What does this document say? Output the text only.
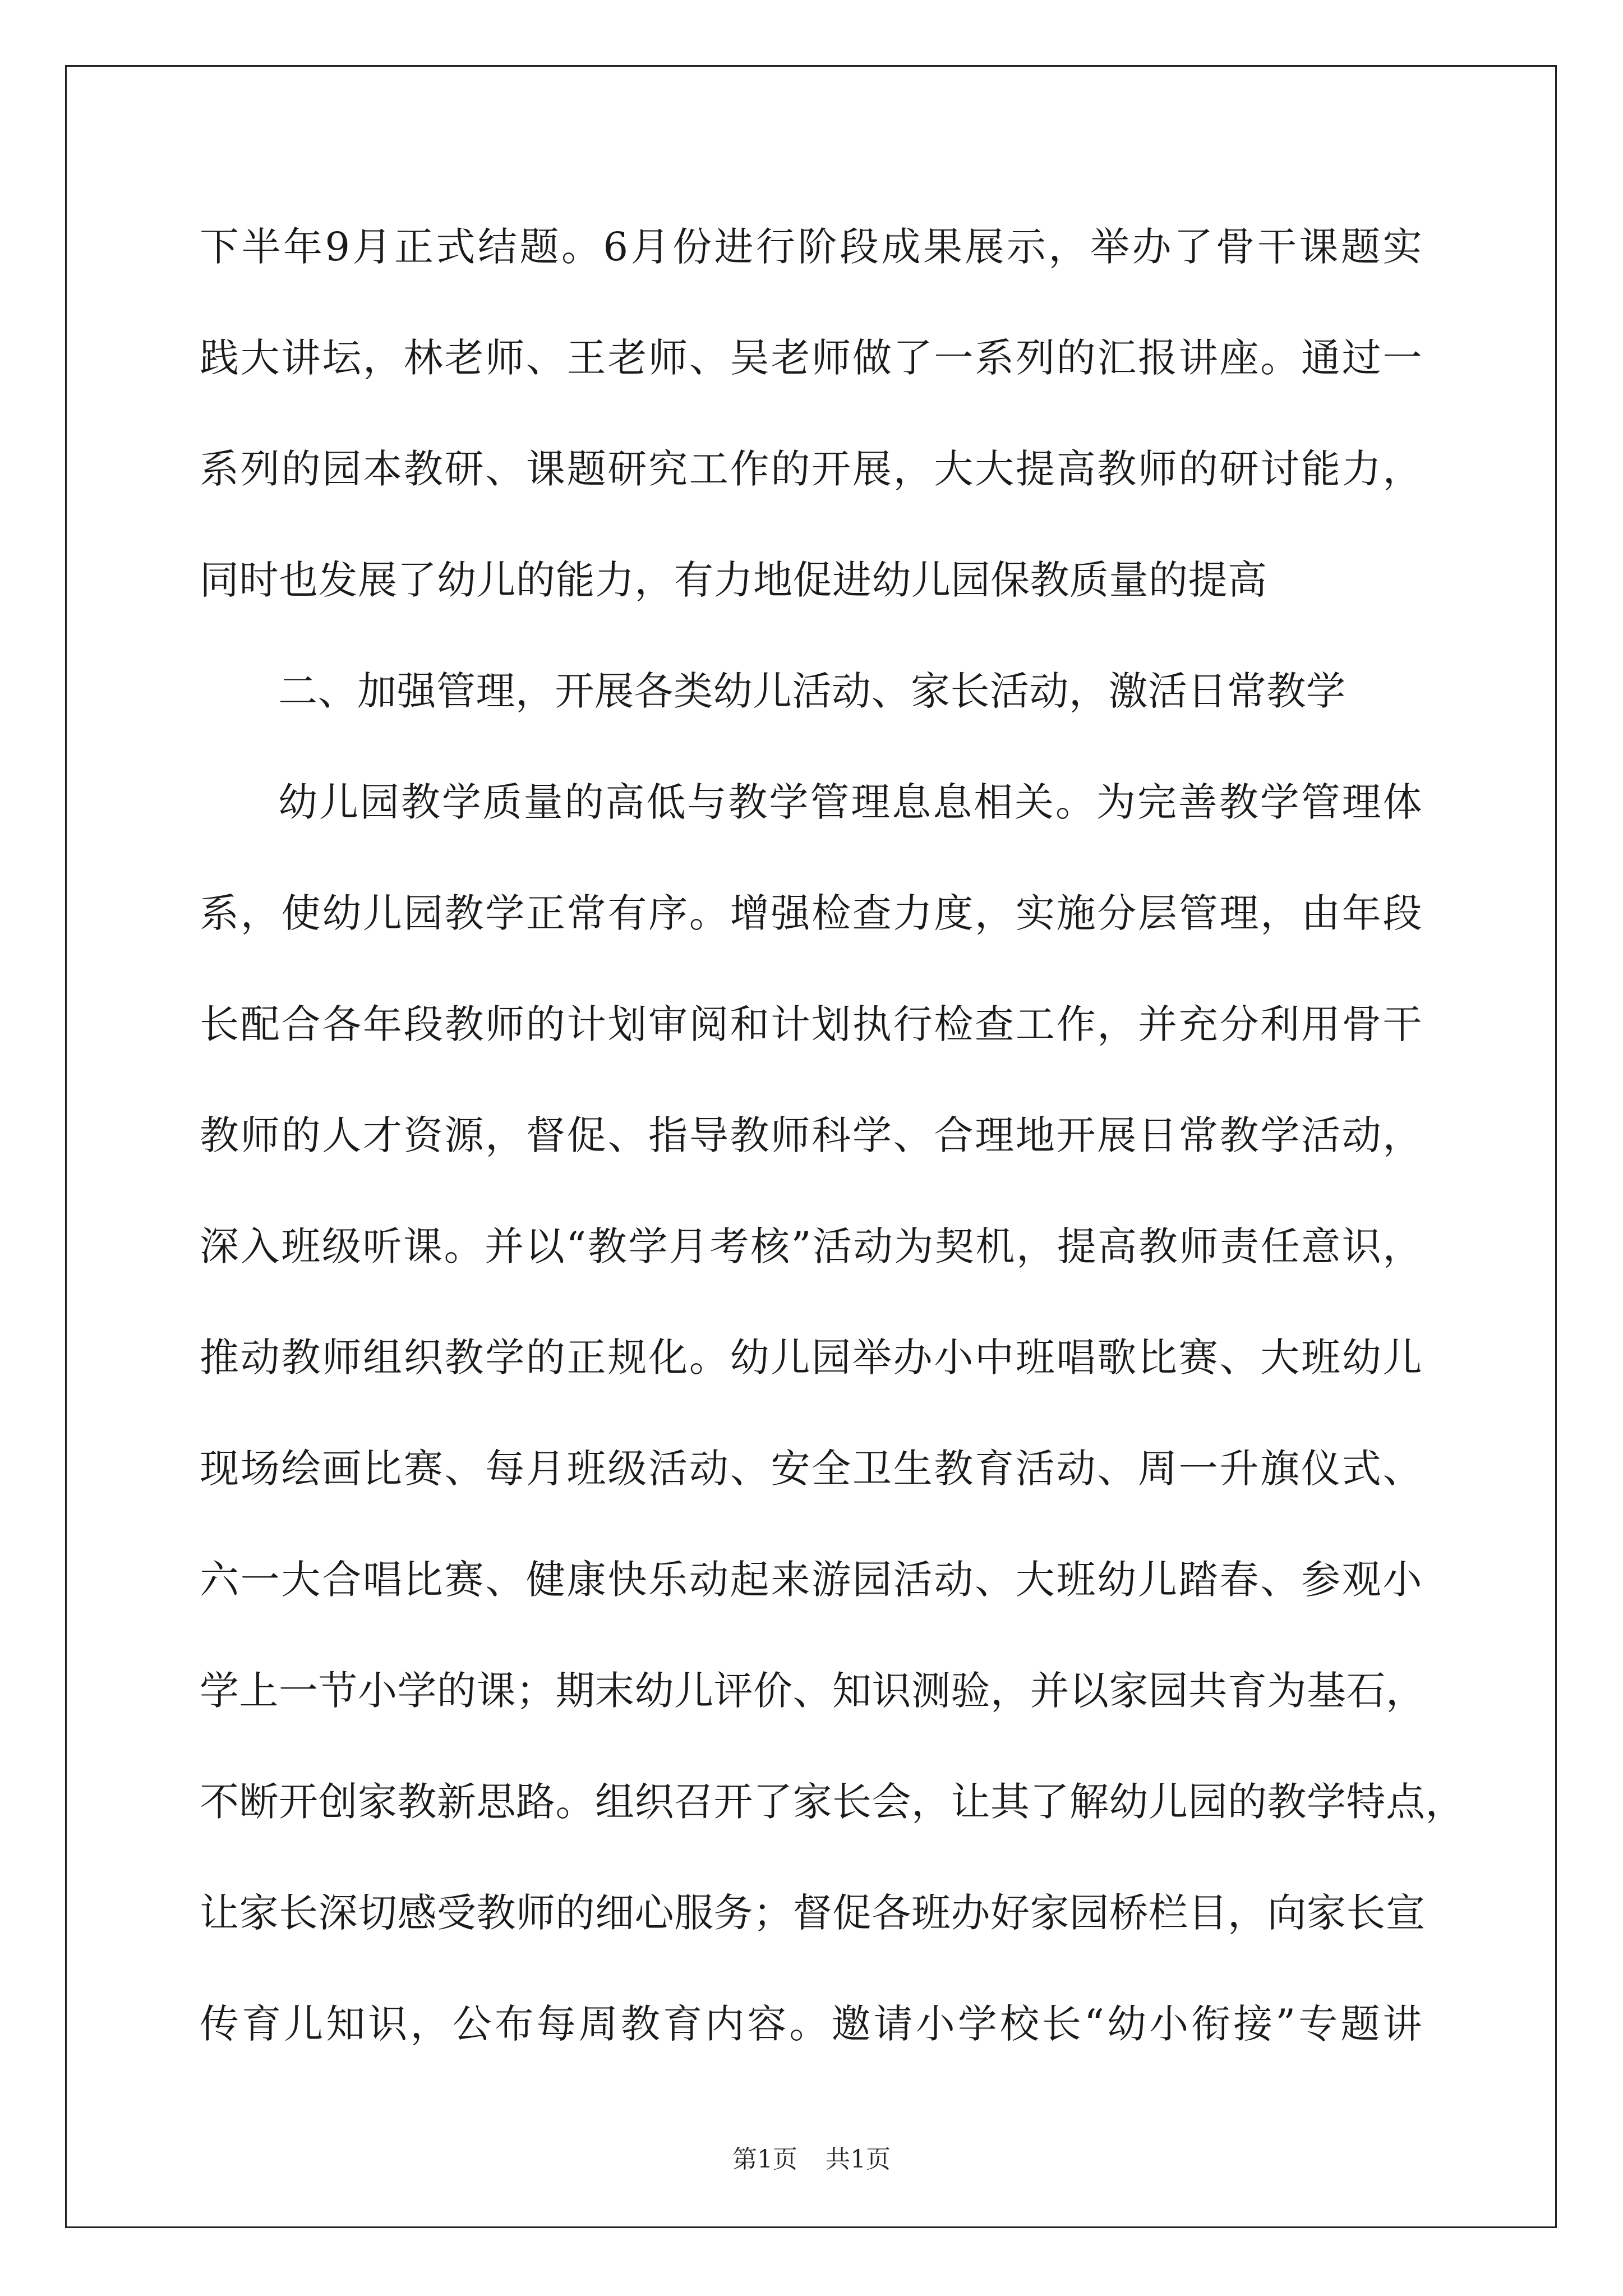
下半年9月正式结题。6月份进行阶段成果展示，举办了骨干课题实
践大讲坛，林老师、王老师、吴老师做了一系列的汇报讲座。通过一
系列的园本教研、课题研究工作的开展，大大提高教师的研讨能力，
同时也发展了幼儿的能力，有力地促进幼儿园保教质量的提高
二、加强管理，开展各类幼儿活动、家长活动，激活日常教学
幼儿园教学质量的高低与教学管理息息相关。为完善教学管理体
系，使幼儿园教学正常有序。增强检查力度，实施分层管理，由年段
长配合各年段教师的计划审阅和计划执行检查工作，并充分利用骨干
教师的人才资源，督促、指导教师科学、合理地开展日常教学活动，
深入班级听课。并以“教学月考核”活动为契机，提高教师责任意识，
推动教师组织教学的正规化。幼儿园举办小中班唱歌比赛、大班幼儿
现场绘画比赛、每月班级活动、安全卫生教育活动、周一升旗仪式、
六一大合唱比赛、健康快乐动起来游园活动、大班幼儿踏春、参观小
学上一节小学的课；期末幼儿评价、知识测验，并以家园共育为基石，
不断开创家教新思路。组织召开了家长会，让其了解幼儿园的教学特点，
让家长深切感受教师的细心服务；督促各班办好家园桥栏目，向家长宣
传育儿知识，公布每周教育内容。邀请小学校长“幼小衔接”专题讲
第1页 共1页
